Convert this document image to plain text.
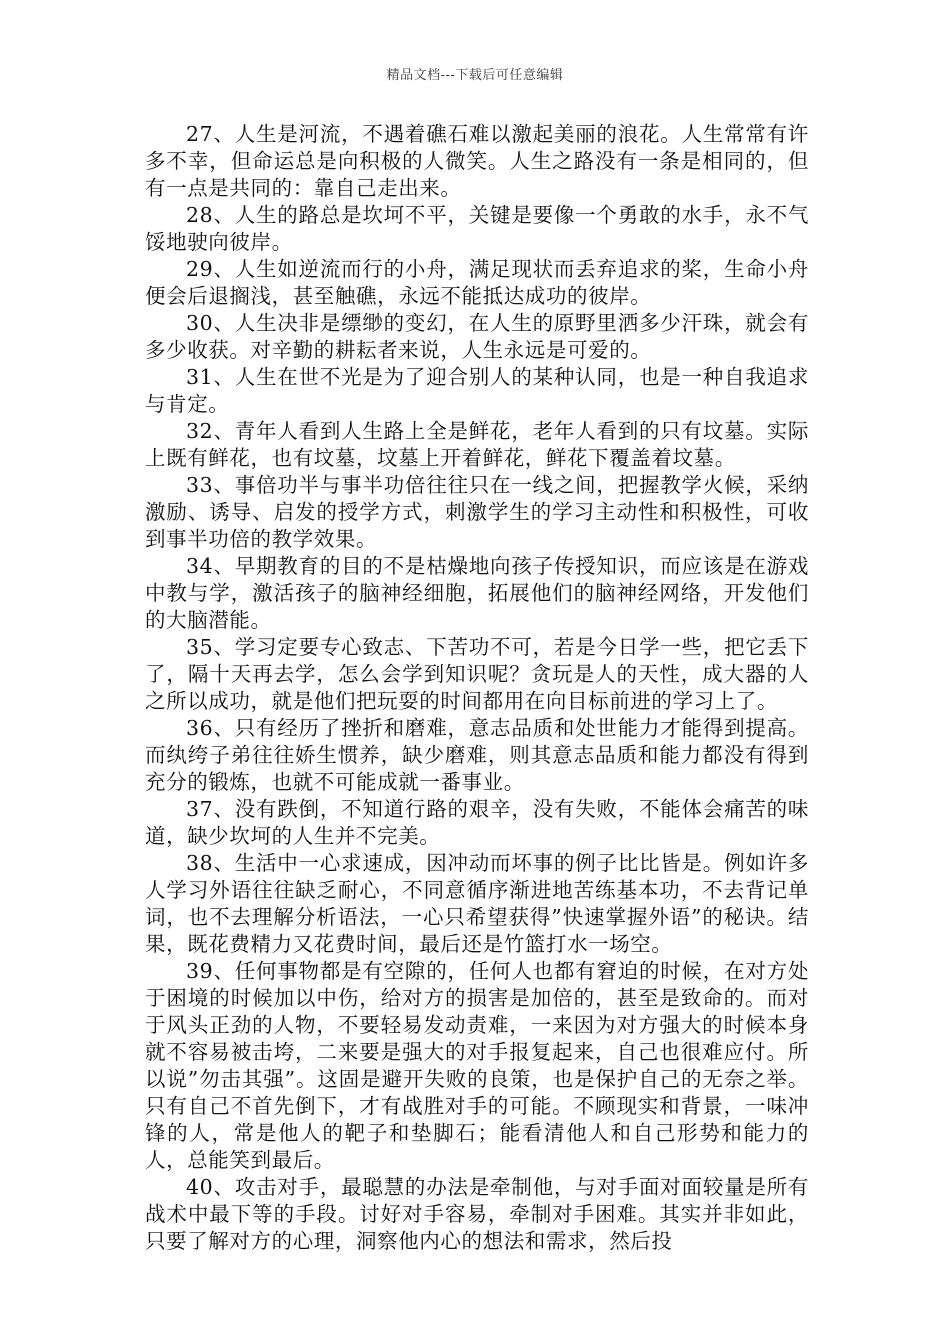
精品文档---下载后可任意编辑

27、人生是河流，不遇着礁石难以激起美丽的浪花。人生常常有许多不幸，但命运总是向积极的人微笑。人生之路没有一条是相同的，但有一点是共同的：靠自己走出来。

28、人生的路总是坎坷不平，关键是要像一个勇敢的水手，永不气馁地驶向彼岸。

29、人生如逆流而行的小舟，满足现状而丢弃追求的桨，生命小舟便会后退搁浅，甚至触礁，永远不能抵达成功的彼岸。

30、人生决非是缥缈的变幻，在人生的原野里洒多少汗珠，就会有多少收获。对辛勤的耕耘者来说，人生永远是可爱的。

31、人生在世不光是为了迎合别人的某种认同，也是一种自我追求与肯定。

32、青年人看到人生路上全是鲜花，老年人看到的只有坟墓。实际上既有鲜花，也有坟墓，坟墓上开着鲜花，鲜花下覆盖着坟墓。

33、事倍功半与事半功倍往往只在一线之间，把握教学火候，采纳激励、诱导、启发的授学方式，刺激学生的学习主动性和积极性，可收到事半功倍的教学效果。

34、早期教育的目的不是枯燥地向孩子传授知识，而应该是在游戏中教与学，激活孩子的脑神经细胞，拓展他们的脑神经网络，开发他们的大脑潜能。

35、学习定要专心致志、下苦功不可，若是今日学一些，把它丢下了，隔十天再去学，怎么会学到知识呢？贪玩是人的天性，成大器的人之所以成功，就是他们把玩耍的时间都用在向目标前进的学习上了。

36、只有经历了挫折和磨难，意志品质和处世能力才能得到提高。而纨绔子弟往往娇生惯养，缺少磨难，则其意志品质和能力都没有得到充分的锻炼，也就不可能成就一番事业。

37、没有跌倒，不知道行路的艰辛，没有失败，不能体会痛苦的味道，缺少坎坷的人生并不完美。

38、生活中一心求速成，因冲动而坏事的例子比比皆是。例如许多人学习外语往往缺乏耐心，不同意循序渐进地苦练基本功，不去背记单词，也不去理解分析语法，一心只希望获得”快速掌握外语”的秘诀。结果，既花费精力又花费时间，最后还是竹篮打水一场空。

39、任何事物都是有空隙的，任何人也都有窘迫的时候，在对方处于困境的时候加以中伤，给对方的损害是加倍的，甚至是致命的。而对于风头正劲的人物，不要轻易发动责难，一来因为对方强大的时候本身就不容易被击垮，二来要是强大的对手报复起来，自己也很难应付。所以说”勿击其强”。这固是避开失败的良策，也是保护自己的无奈之举。只有自己不首先倒下，才有战胜对手的可能。不顾现实和背景，一味冲锋的人，常是他人的靶子和垫脚石；能看清他人和自己形势和能力的人，总能笑到最后。

40、攻击对手，最聪慧的办法是牵制他，与对手面对面较量是所有战术中最下等的手段。讨好对手容易，牵制对手困难。其实并非如此，只要了解对方的心理，洞察他内心的想法和需求，然后投
